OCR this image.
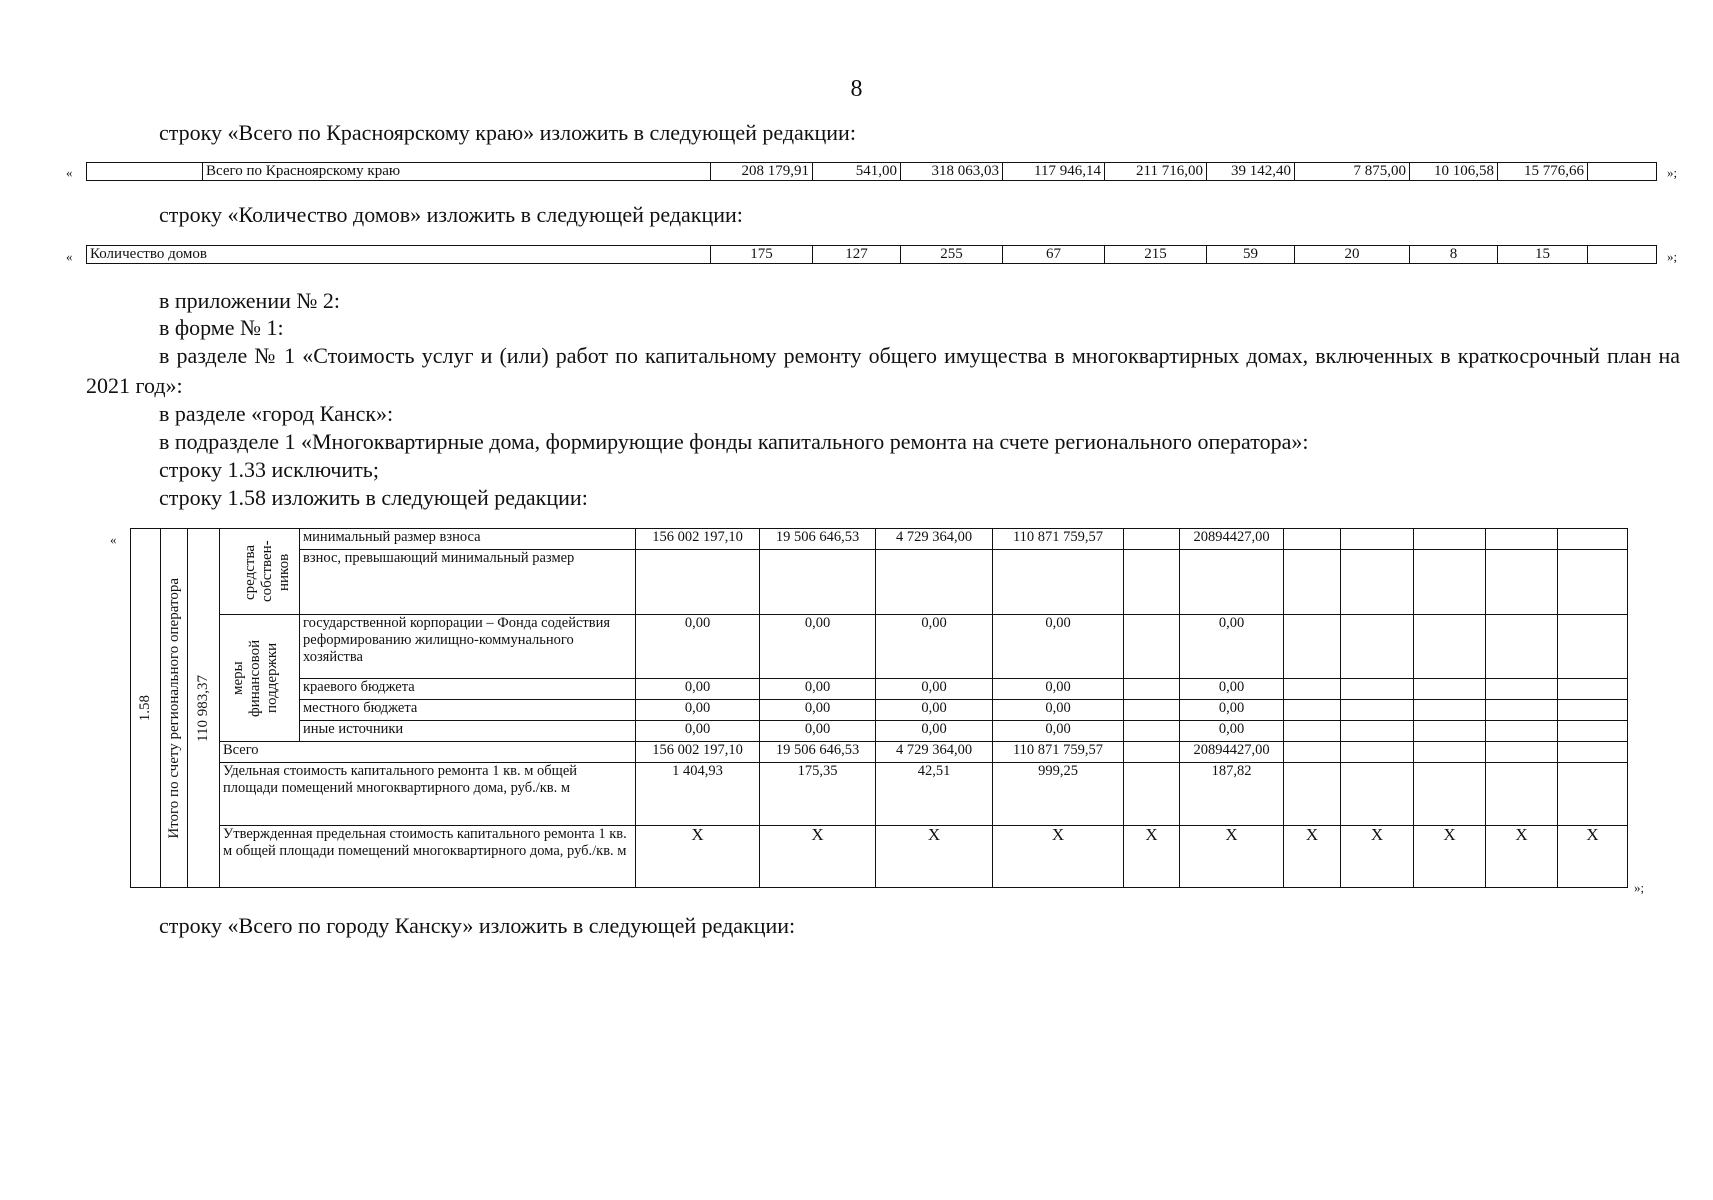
8
строку «Всего по Красноярскому краю» изложить в следующей редакции:
«
		Всего по Красноярскому краю	208 179,91	541,00	318 063,03	117 946,14	211 716,00	39 142,40	7 875,00	10 106,58	15 776,66		»;
строку «Количество домов» изложить в следующей редакции:
« Количество домов	175	127	255	67	215	59	20	8	15		»;
в приложении № 2:
в форме № 1:
в разделе № 1 «Стоимость услуг и (или) работ по капитальному ремонту общего имущества в многоквартирных домах, включенных в краткосрочный план на 2021 год»:
в разделе «город Канск»:
в подразделе 1 «Многоквартирные дома, формирующие фонды капитального ремонта на счете регионального оператора»:
строку 1.33 исключить;
строку 1.58 изложить в следующей редакции:
«
1.58	Итого по счету регионального оператора	110 983,37	средства собствен-ников	минимальный размер взноса	156 002 197,10	19 506 646,53	4 729 364,00	110 871 759,57		20894427,00					
				взнос, превышающий минимальный размер											

			меры финансовой поддержки	государственной корпорации – Фонда содействия реформированию жилищно-коммунального хозяйства	0,00	0,00	0,00	0,00		0,00					
				краевого бюджета	0,00	0,00	0,00	0,00		0,00					
				местного бюджета	0,00	0,00	0,00	0,00		0,00					
				иные источники	0,00	0,00	0,00	0,00		0,00					
			Всего		156 002 197,10	19 506 646,53	4 729 364,00	110 871 759,57		20894427,00					
			Удельная стоимость капитального ремонта 1 кв. м общей площади помещений многоквартирного дома, руб./кв. м		1 404,93	175,35	42,51	999,25		187,82					
			Утвержденная предельная стоимость капитального ремонта 1 кв. м общей площади помещений многоквартирного дома, руб./кв. м		X	X	X	X	X	X	X	X	X	X	X
»;
строку «Всего по городу Канску» изложить в следующей редакции:
